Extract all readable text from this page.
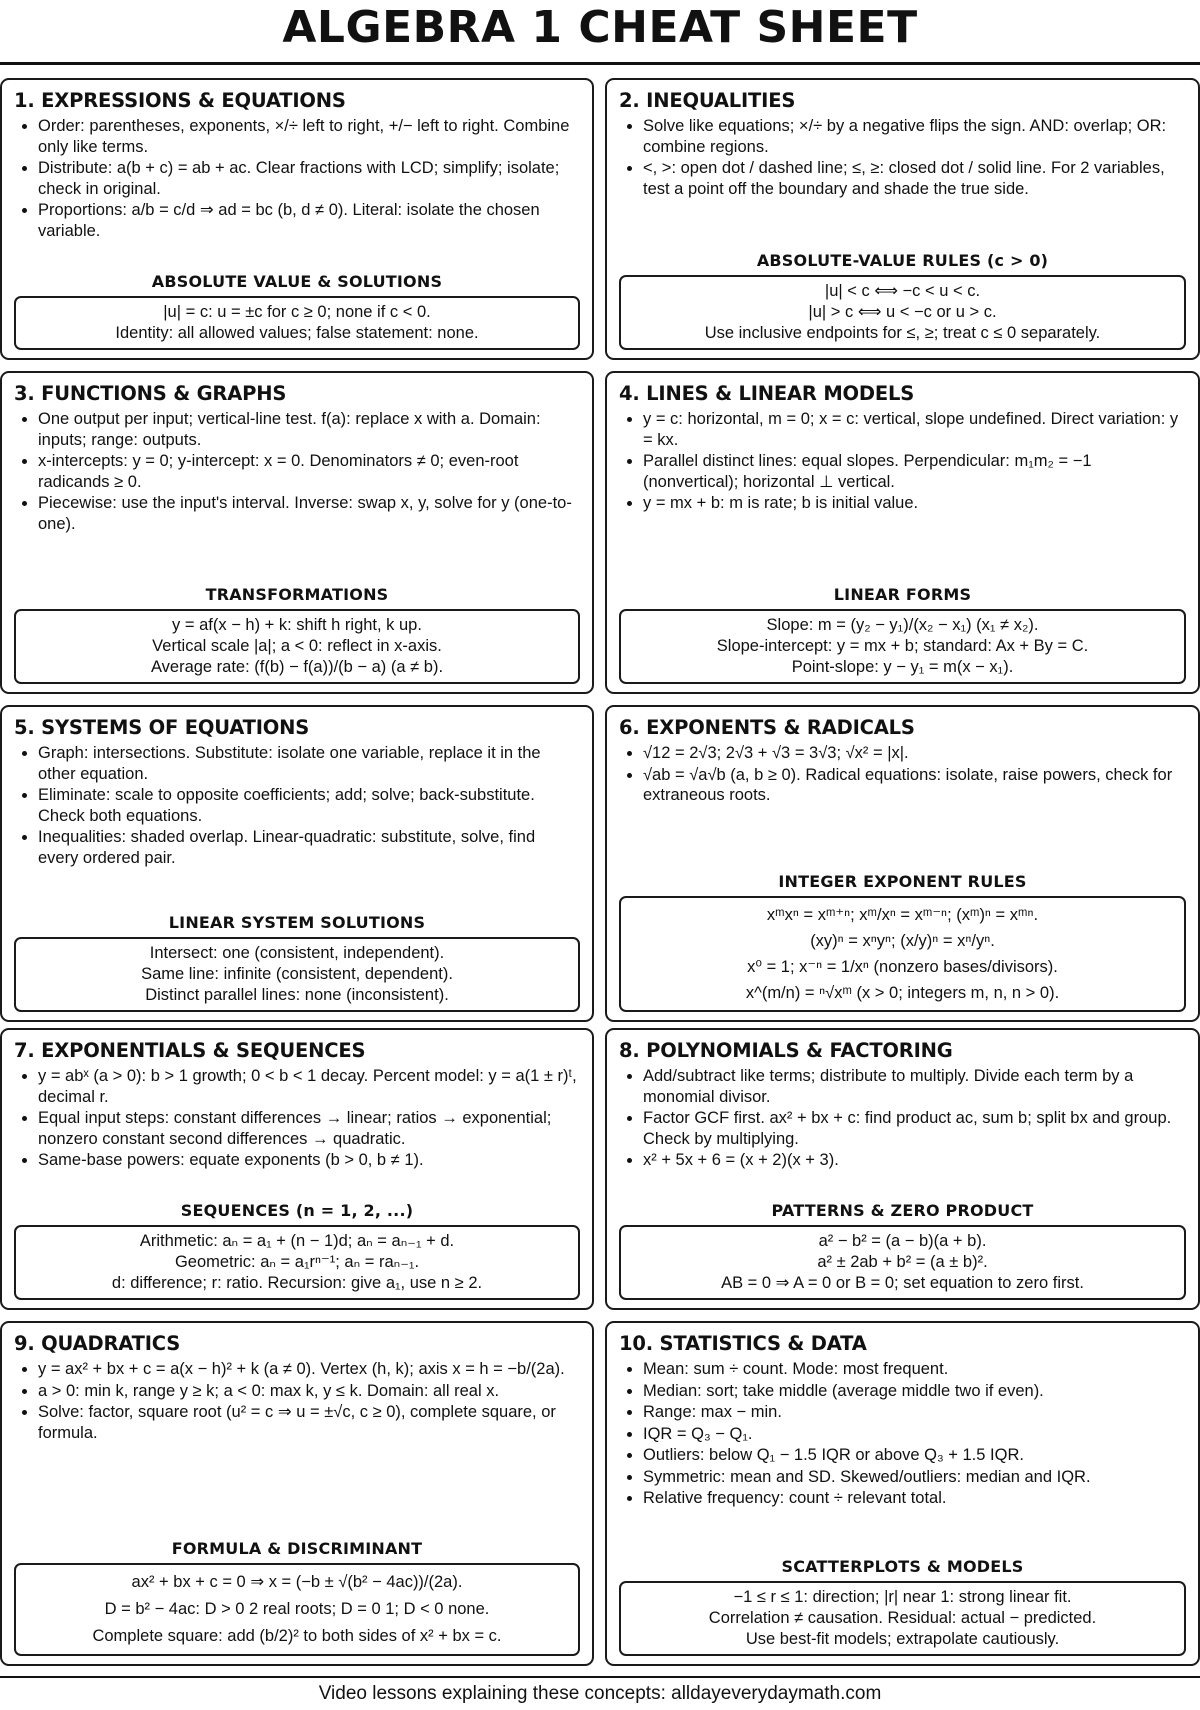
ALGEBRA 1 CHEAT SHEET
1. EXPRESSIONS & EQUATIONS
• Order: parentheses, exponents, ×/÷ left to right, +/− left to right. Combine only like terms.
• Distribute: a(b + c) = ab + ac. Clear fractions with LCD; simplify; isolate; check in original.
• Proportions: a/b = c/d ⇒ ad = bc (b, d ≠ 0). Literal: isolate the chosen variable.
ABSOLUTE VALUE & SOLUTIONS
|u| = c: u = ±c for c ≥ 0; none if c < 0.
Identity: all allowed values; false statement: none.
2. INEQUALITIES
• Solve like equations; ×/÷ by a negative flips the sign. AND: overlap; OR: combine regions.
• <, >: open dot / dashed line; ≤, ≥: closed dot / solid line. For 2 variables, test a point off the boundary and shade the true side.
ABSOLUTE-VALUE RULES (c > 0)
|u| < c ⟺ −c < u < c.
|u| > c ⟺ u < −c or u > c.
Use inclusive endpoints for ≤, ≥; treat c ≤ 0 separately.
3. FUNCTIONS & GRAPHS
• One output per input; vertical-line test. f(a): replace x with a. Domain: inputs; range: outputs.
• x-intercepts: y = 0; y-intercept: x = 0. Denominators ≠ 0; even-root radicands ≥ 0.
• Piecewise: use the input's interval. Inverse: swap x, y, solve for y (one-to-one).
TRANSFORMATIONS
y = af(x − h) + k: shift h right, k up.
Vertical scale |a|; a < 0: reflect in x-axis.
Average rate: (f(b) − f(a))/(b − a) (a ≠ b).
4. LINES & LINEAR MODELS
• y = c: horizontal, m = 0; x = c: vertical, slope undefined. Direct variation: y = kx.
• Parallel distinct lines: equal slopes. Perpendicular: m₁m₂ = −1 (nonvertical); horizontal ⊥ vertical.
• y = mx + b: m is rate; b is initial value.
LINEAR FORMS
Slope: m = (y₂ − y₁)/(x₂ − x₁) (x₁ ≠ x₂).
Slope-intercept: y = mx + b; standard: Ax + By = C.
Point-slope: y − y₁ = m(x − x₁).
5. SYSTEMS OF EQUATIONS
• Graph: intersections. Substitute: isolate one variable, replace it in the other equation.
• Eliminate: scale to opposite coefficients; add; solve; back-substitute. Check both equations.
• Inequalities: shaded overlap. Linear-quadratic: substitute, solve, find every ordered pair.
LINEAR SYSTEM SOLUTIONS
Intersect: one (consistent, independent).
Same line: infinite (consistent, dependent).
Distinct parallel lines: none (inconsistent).
6. EXPONENTS & RADICALS
• √12 = 2√3; 2√3 + √3 = 3√3; √x² = |x|.
• √ab = √a√b (a, b ≥ 0). Radical equations: isolate, raise powers, check for extraneous roots.
INTEGER EXPONENT RULES
xᵐxⁿ = xᵐ⁺ⁿ; xᵐ/xⁿ = xᵐ⁻ⁿ; (xᵐ)ⁿ = xᵐⁿ.
(xy)ⁿ = xⁿyⁿ; (x/y)ⁿ = xⁿ/yⁿ.
x⁰ = 1; x⁻ⁿ = 1/xⁿ (nonzero bases/divisors).
x^(m/n) = ⁿ√xᵐ (x > 0; integers m, n, n > 0).
7. EXPONENTIALS & SEQUENCES
• y = abˣ (a > 0): b > 1 growth; 0 < b < 1 decay. Percent model: y = a(1 ± r)ᵗ, decimal r.
• Equal input steps: constant differences → linear; ratios → exponential; nonzero constant second differences → quadratic.
• Same-base powers: equate exponents (b > 0, b ≠ 1).
SEQUENCES (n = 1, 2, ...)
Arithmetic: aₙ = a₁ + (n − 1)d; aₙ = aₙ₋₁ + d.
Geometric: aₙ = a₁rⁿ⁻¹; aₙ = raₙ₋₁.
d: difference; r: ratio. Recursion: give a₁, use n ≥ 2.
8. POLYNOMIALS & FACTORING
• Add/subtract like terms; distribute to multiply. Divide each term by a monomial divisor.
• Factor GCF first. ax² + bx + c: find product ac, sum b; split bx and group. Check by multiplying.
• x² + 5x + 6 = (x + 2)(x + 3).
PATTERNS & ZERO PRODUCT
a² − b² = (a − b)(a + b).
a² ± 2ab + b² = (a ± b)².
AB = 0 ⇒ A = 0 or B = 0; set equation to zero first.
9. QUADRATICS
• y = ax² + bx + c = a(x − h)² + k (a ≠ 0). Vertex (h, k); axis x = h = −b/(2a).
• a > 0: min k, range y ≥ k; a < 0: max k, y ≤ k. Domain: all real x.
• Solve: factor, square root (u² = c ⇒ u = ±√c, c ≥ 0), complete square, or formula.
FORMULA & DISCRIMINANT
ax² + bx + c = 0 ⇒ x = (−b ± √(b² − 4ac))/(2a).
D = b² − 4ac: D > 0 2 real roots; D = 0 1; D < 0 none.
Complete square: add (b/2)² to both sides of x² + bx = c.
10. STATISTICS & DATA
• Mean: sum ÷ count. Mode: most frequent.
• Median: sort; take middle (average middle two if even).
• Range: max − min.
• IQR = Q₃ − Q₁.
• Outliers: below Q₁ − 1.5 IQR or above Q₃ + 1.5 IQR.
• Symmetric: mean and SD. Skewed/outliers: median and IQR.
• Relative frequency: count ÷ relevant total.
SCATTERPLOTS & MODELS
−1 ≤ r ≤ 1: direction; |r| near 1: strong linear fit.
Correlation ≠ causation. Residual: actual − predicted.
Use best-fit models; extrapolate cautiously.
Video lessons explaining these concepts: alldayeverydaymath.com
